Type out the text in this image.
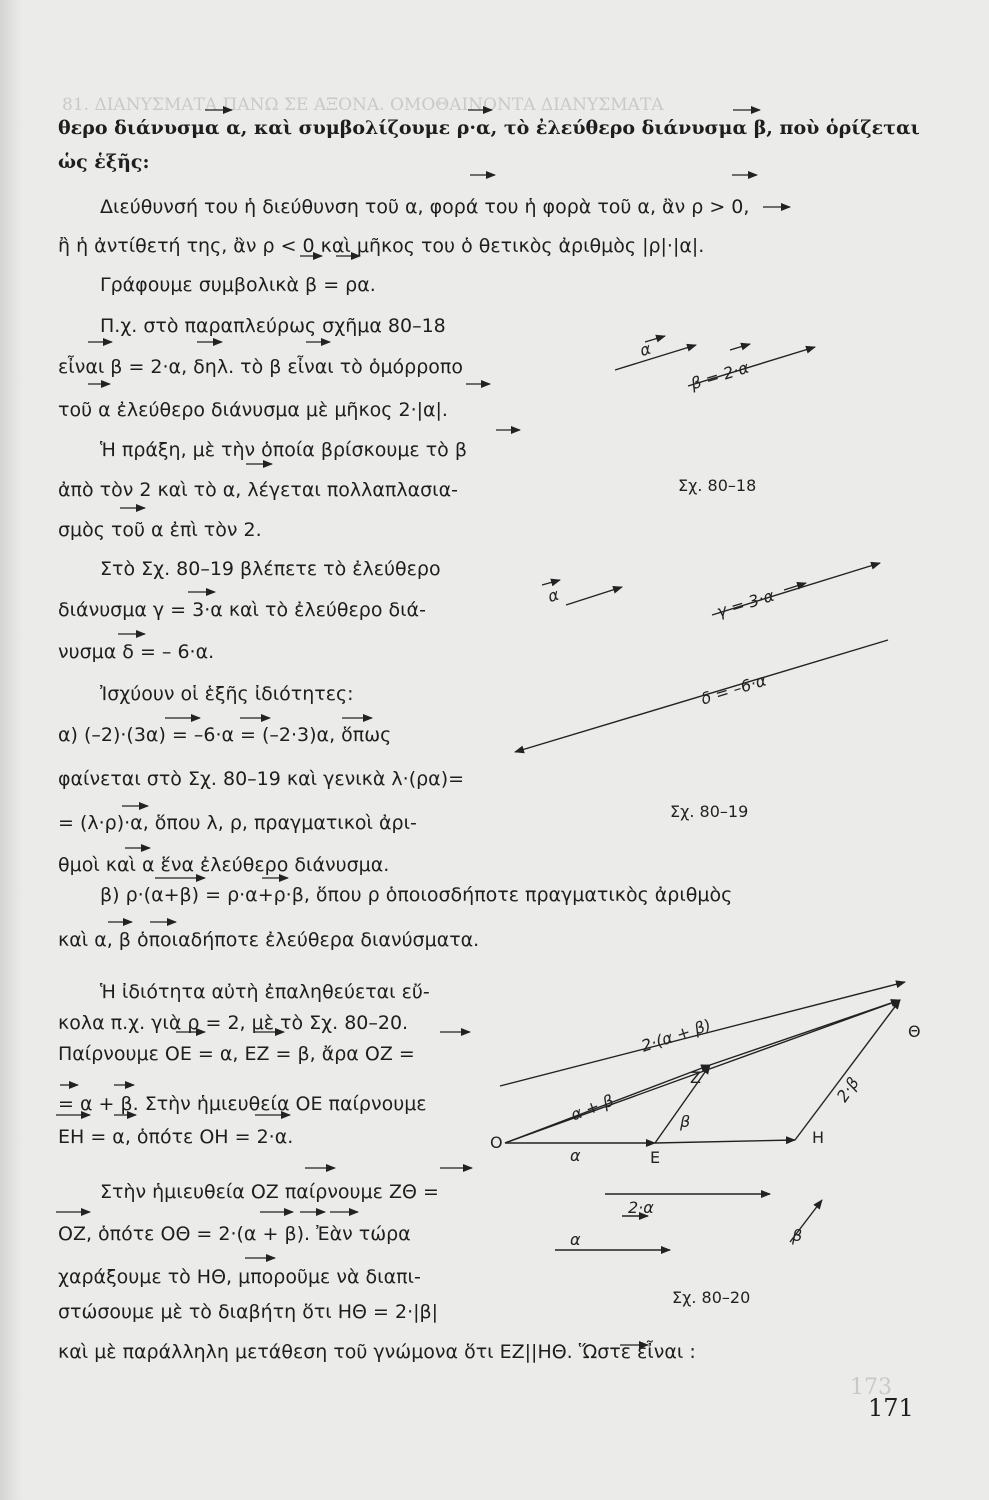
81. ΔΙΑΝΥΣΜΑΤΑ ΠΑΝΩ ΣΕ ΑΞΟΝΑ. ΟΜΟΘΑΙΝΟΝΤΑ ΔΙΑΝΥΣΜΑΤΑ
173
θερο διάνυσμα α, καὶ συμβολίζουμε ρ·α, τὸ ἐλεύθερο διάνυσμα β, ποὺ ὁρίζεται
ὡς ἑξῆς:
Διεύθυνσή του ἡ διεύθυνση τοῦ α, φορά του ἡ φορὰ τοῦ α, ἂν ρ > 0,
ἢ ἡ ἀντίθετή της, ἂν ρ < 0 καὶ μῆκος του ὁ θετικὸς ἀριθμὸς |ρ|·|α|.
Γράφουμε συμβολικὰ β = ρα.
Π.χ. στὸ παραπλεύρως σχῆμα 80–18
εἶναι β = 2·α, δηλ. τὸ β εἶναι τὸ ὁμόρροπο
τοῦ α ἐλεύθερο διάνυσμα μὲ μῆκος 2·|α|.
Ἡ πράξη, μὲ τὴν ὁποία βρίσκουμε τὸ β
ἀπὸ τὸν 2 καὶ τὸ α, λέγεται πολλαπλασια-
σμὸς τοῦ α ἐπὶ τὸν 2.
Στὸ Σχ. 80–19 βλέπετε τὸ ἐλεύθερο
διάνυσμα γ = 3·α καὶ τὸ ἐλεύθερο διά-
νυσμα δ = – 6·α.
Ἰσχύουν οἱ ἑξῆς ἰδιότητες:
α) (–2)·(3α) = –6·α = (–2·3)α, ὅπως
φαίνεται στὸ Σχ. 80–19 καὶ γενικὰ λ·(ρα)=
= (λ·ρ)·α, ὅπου λ, ρ, πραγματικοὶ ἀρι-
θμοὶ καὶ α ἕνα ἐλεύθερο διάνυσμα.
β) ρ·(α+β) = ρ·α+ρ·β, ὅπου ρ ὁποιοσδήποτε πραγματικὸς ἀριθμὸς
καὶ α, β ὁποιαδήποτε ἐλεύθερα διανύσματα.
Ἡ ἰδιότητα αὐτὴ ἐπαληθεύεται εὔ-
κολα π.χ. γιὰ ρ = 2, μὲ τὸ Σχ. 80–20.
Παίρνουμε ΟΕ = α, ΕΖ = β, ἄρα ΟΖ =
= α + β. Στὴν ἡμιευθεία ΟΕ παίρνουμε
ΕΗ = α, ὁπότε ΟΗ = 2·α.
Στὴν ἡμιευθεία ΟΖ παίρνουμε ΖΘ =
ΟΖ, ὁπότε ΟΘ = 2·(α + β). Ἐὰν τώρα
χαράξουμε τὸ ΗΘ, μποροῦμε νὰ διαπι-
στώσουμε μὲ τὸ διαβήτη ὅτι ΗΘ = 2·|β|
καὶ μὲ παράλληλη μετάθεση τοῦ γνώμονα ὅτι ΕΖ||ΗΘ. Ὥστε εἶναι :
α
β = 2·α
Σχ. 80–18
α	γ = 3·α
δ = –6·α
Σχ. 80–19
O
E
H
Z
Θ
2·(α + β)
2·β
α + β	β
α
2·α
α	β
Σχ. 80–20
171
